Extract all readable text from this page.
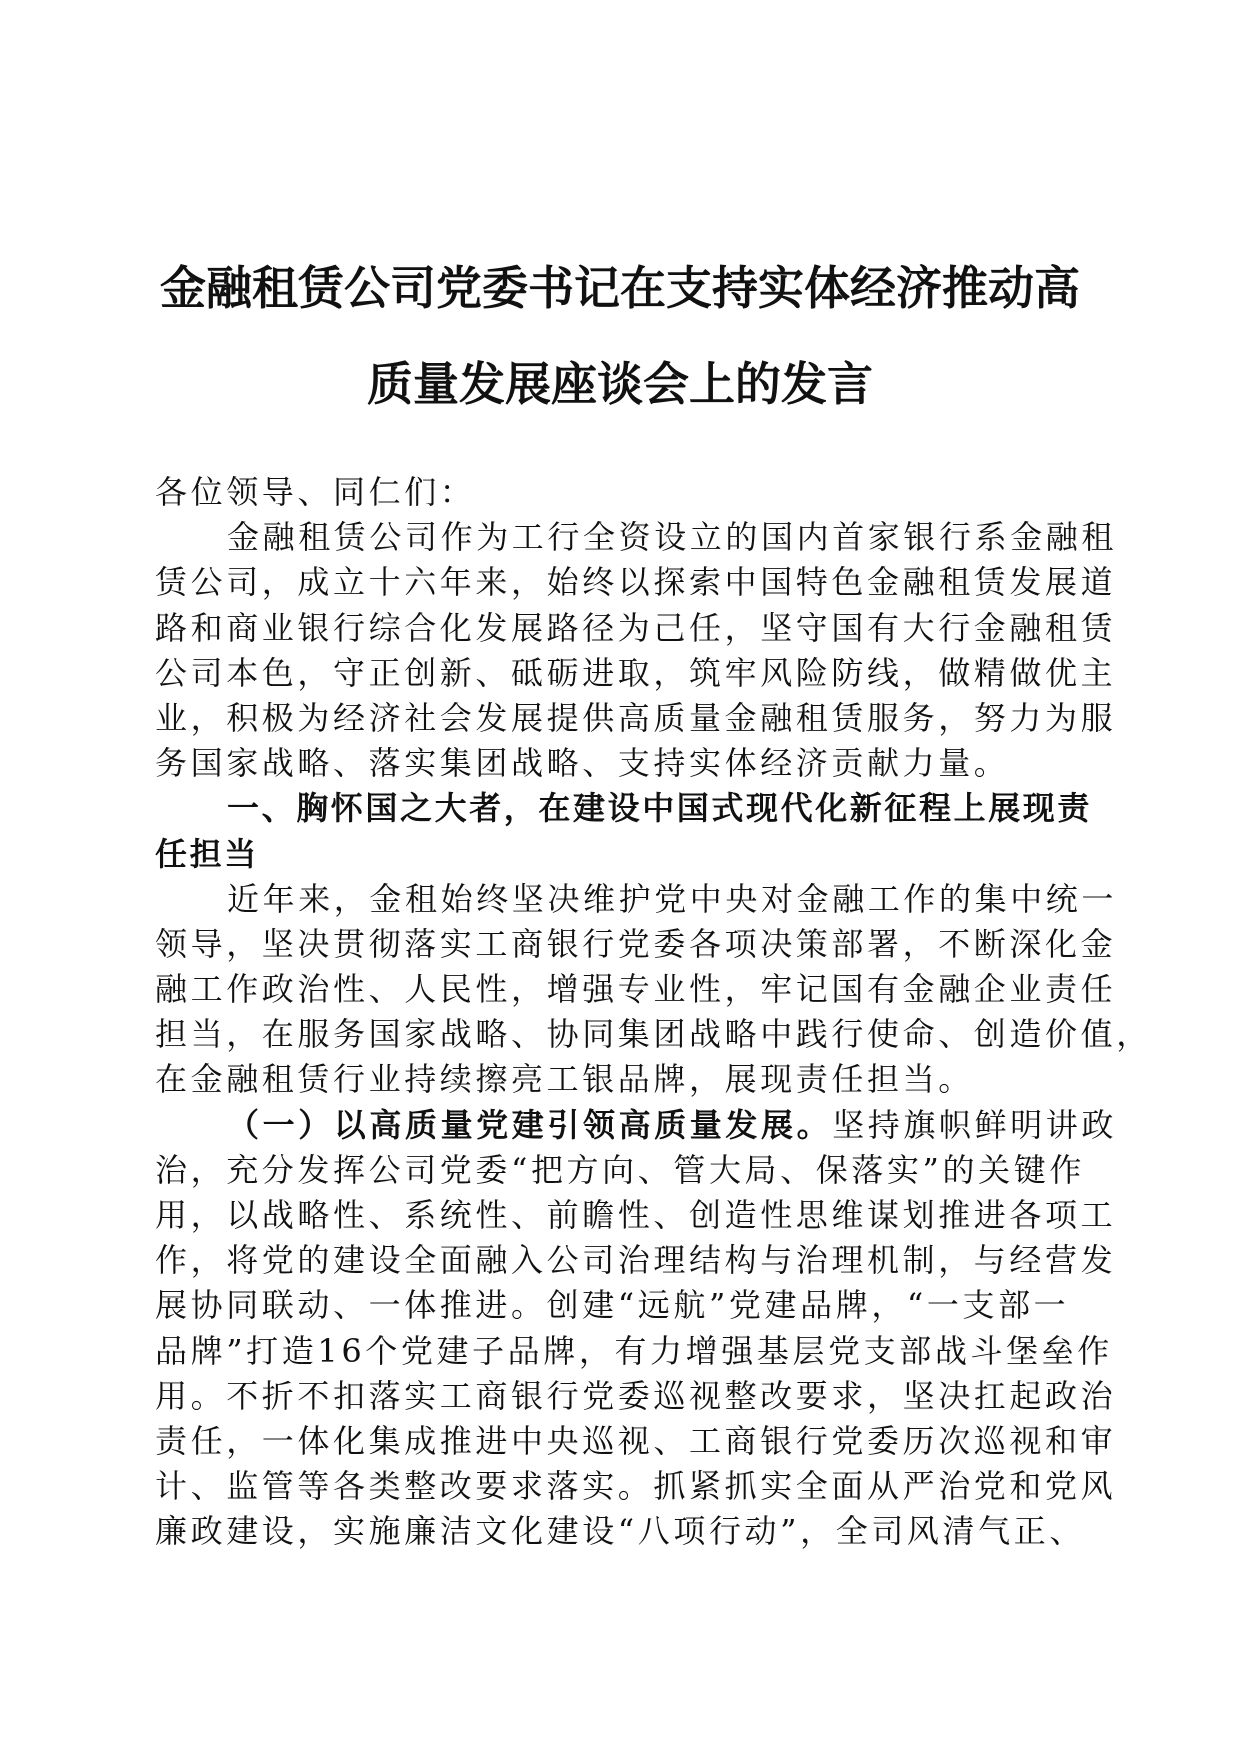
金融租赁公司党委书记在支持实体经济推动高
质量发展座谈会上的发言
各位领导、同仁们：
金融租赁公司作为工行全资设立的国内首家银行系金融租
赁公司，成立十六年来，始终以探索中国特色金融租赁发展道
路和商业银行综合化发展路径为己任，坚守国有大行金融租赁
公司本色，守正创新、砥砺进取，筑牢风险防线，做精做优主
业，积极为经济社会发展提供高质量金融租赁服务，努力为服
务国家战略、落实集团战略、支持实体经济贡献力量。
一、胸怀国之大者，在建设中国式现代化新征程上展现责
任担当
近年来，金租始终坚决维护党中央对金融工作的集中统一
领导，坚决贯彻落实工商银行党委各项决策部署，不断深化金
融工作政治性、人民性，增强专业性，牢记国有金融企业责任
担当，在服务国家战略、协同集团战略中践行使命、创造价值，
在金融租赁行业持续擦亮工银品牌，展现责任担当。
（一）以高质量党建引领高质量发展。坚持旗帜鲜明讲政
治，充分发挥公司党委“把方向、管大局、保落实”的关键作
用，以战略性、系统性、前瞻性、创造性思维谋划推进各项工
作，将党的建设全面融入公司治理结构与治理机制，与经营发
展协同联动、一体推进。创建“远航”党建品牌，“一支部一
品牌”打造16个党建子品牌，有力增强基层党支部战斗堡垒作
用。不折不扣落实工商银行党委巡视整改要求，坚决扛起政治
责任，一体化集成推进中央巡视、工商银行党委历次巡视和审
计、监管等各类整改要求落实。抓紧抓实全面从严治党和党风
廉政建设，实施廉洁文化建设“八项行动”，全司风清气正、
